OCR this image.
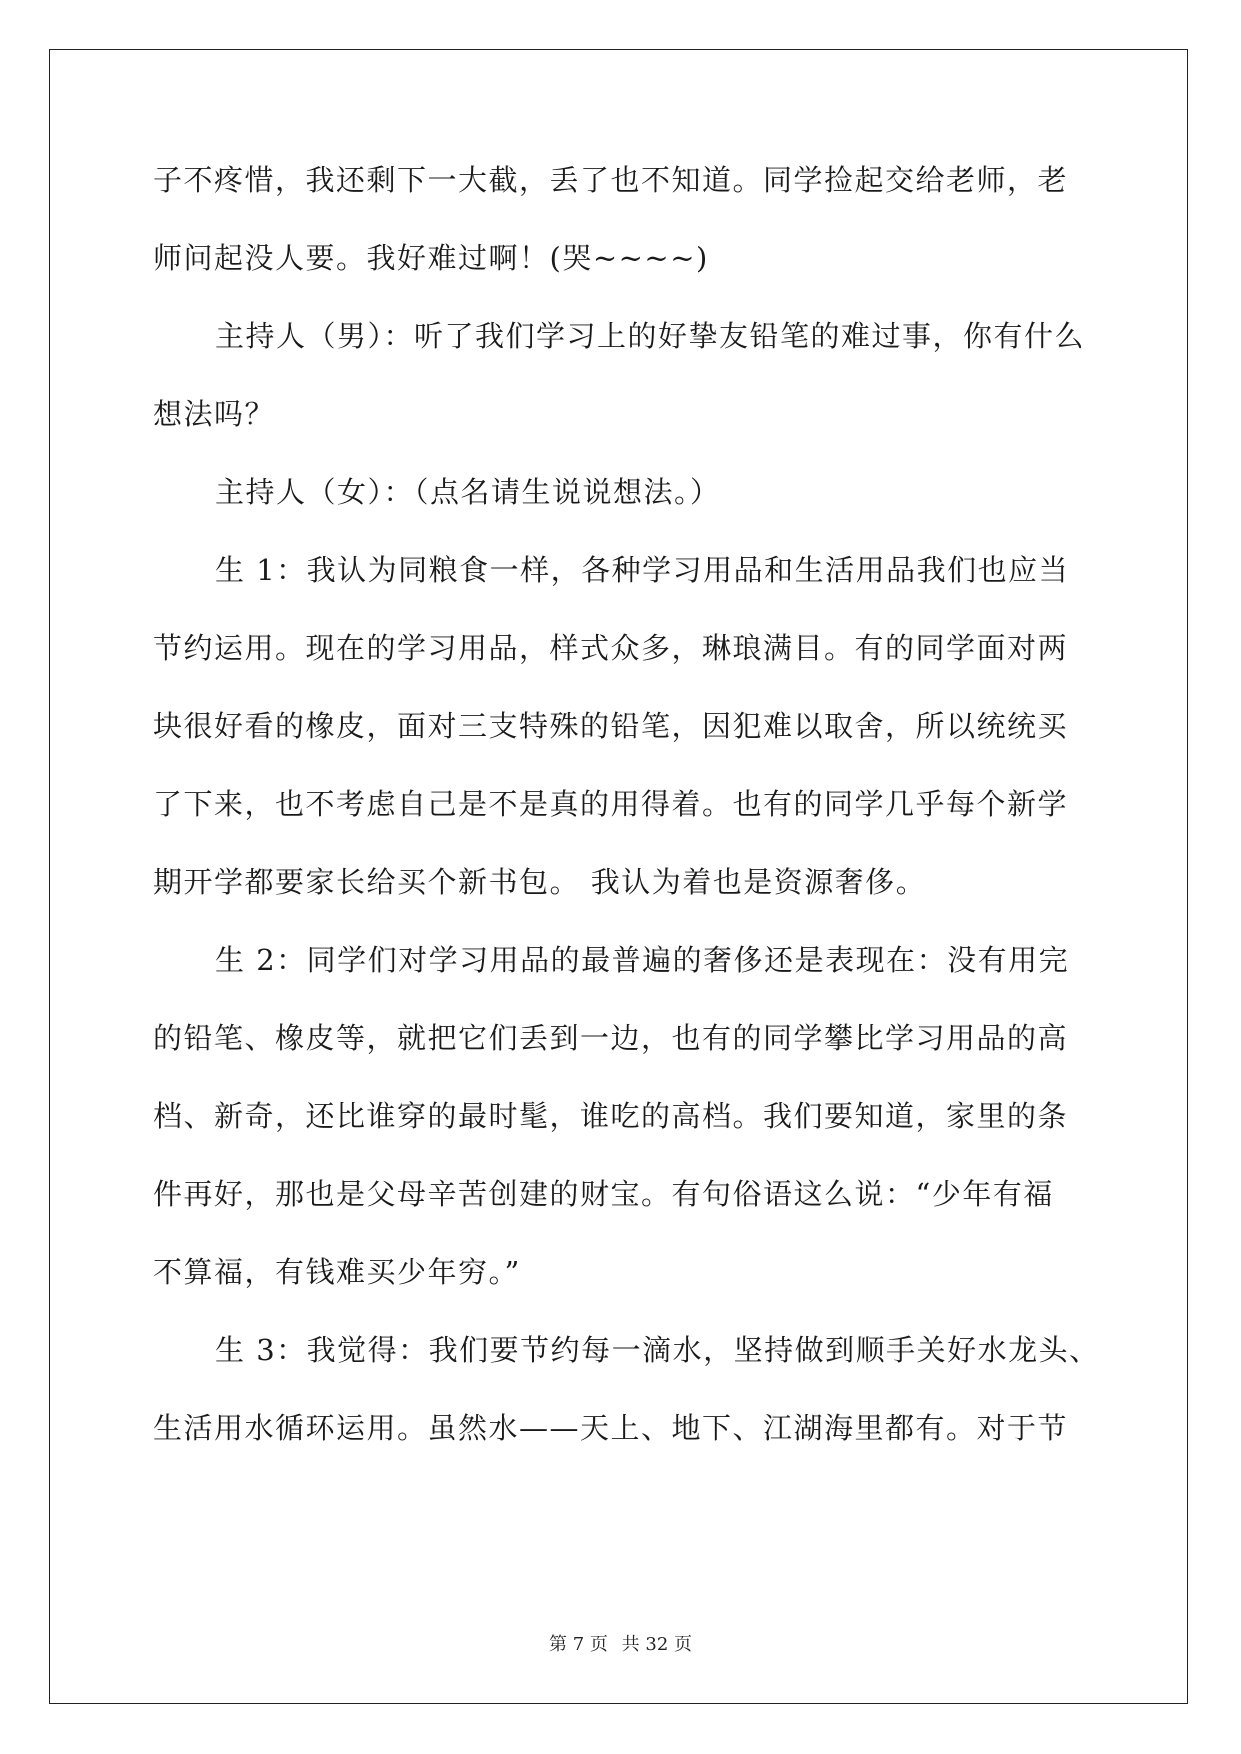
子不疼惜，我还剩下一大截，丢了也不知道。同学捡起交给老师，老
师问起没人要。我好难过啊！(哭~~~~)
主持人（男）：听了我们学习上的好挚友铅笔的难过事，你有什么
想法吗？
主持人（女）：（点名请生说说想法。）
生 1：我认为同粮食一样，各种学习用品和生活用品我们也应当
节约运用。现在的学习用品，样式众多，琳琅满目。有的同学面对两
块很好看的橡皮，面对三支特殊的铅笔，因犯难以取舍，所以统统买
了下来，也不考虑自己是不是真的用得着。也有的同学几乎每个新学
期开学都要家长给买个新书包。 我认为着也是资源奢侈。
生 2：同学们对学习用品的最普遍的奢侈还是表现在：没有用完
的铅笔、橡皮等，就把它们丢到一边，也有的同学攀比学习用品的高
档、新奇，还比谁穿的最时髦，谁吃的高档。我们要知道，家里的条
件再好，那也是父母辛苦创建的财宝。有句俗语这么说：“少年有福
不算福，有钱难买少年穷。”
生 3：我觉得：我们要节约每一滴水，坚持做到顺手关好水龙头、
生活用水循环运用。虽然水——天上、地下、江湖海里都有。对于节
第 7 页 共 32 页
